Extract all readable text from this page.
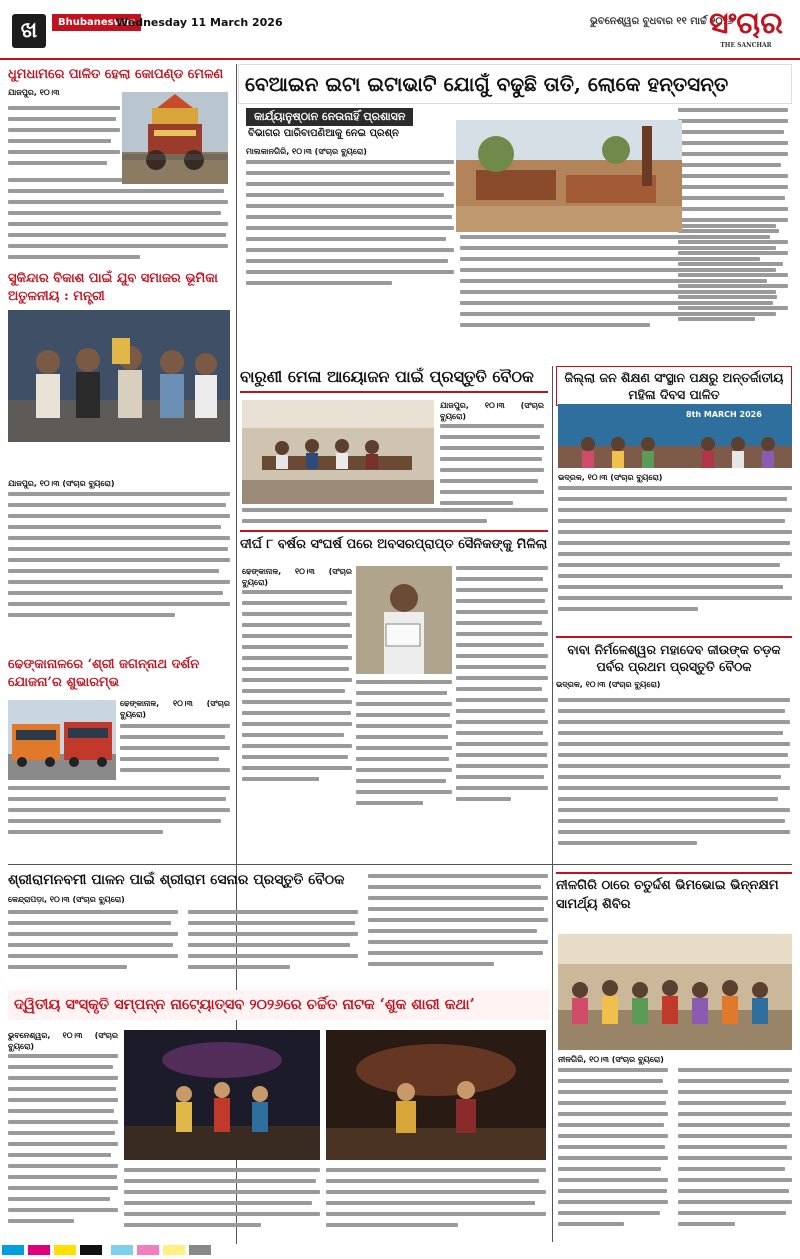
ଖ	Bhubaneswar
Wednesday 11 March 2026	ଭୁବନେଶ୍ୱର ବୁଧବାର ୧୧ ମାର୍ଚ୍ଚ ୨୦୨୬
ସଂଚାର
THE SANCHAR
ଧୁମଧାମରେ ପାଳିତ ହେଲା କୋପଣ୍ଡ ମେଳଣ
ଯାଜପୁର, ୧୦।୩	ବେଆଇନ ଇଟା ଇଟାଭାଟି ଯୋଗୁଁ ବଢୁଛି ତାତି, ଲୋକେ ହନ୍ତସନ୍ତ
କାର୍ଯ୍ୟାନୁଷ୍ଠାନ ନେଉନାହିଁ ପ୍ରଶାସନ
ବିଭାଗର ପାରିବାପଣିଆକୁ ନେଇ ପ୍ରଶ୍ନ
ମାଲକାନଗିରି, ୧୦।୩ (ସଂଚାର ବ୍ୟୁରୋ)
ସୁକିନ୍ଦାର ବିକାଶ ପାଇଁ ଯୁବ ସମାଜର ଭୂମିକା ଅତୁଳନୀୟ : ମନ୍ତ୍ରୀ
ଯାଜପୁର, ୧୦।୩ (ସଂଚାର ବ୍ୟୁରୋ)
ବାରୁଣୀ ମେଳା ଆୟୋଜନ ପାଇଁ ପ୍ରସ୍ତୁତି ବୈଠକ
ଯାଜପୁର, ୧୦।୩ (ସଂଚାର ବ୍ୟୁରୋ)
ଜିଲ୍ଲା ଜନ ଶିକ୍ଷଣ ସଂସ୍ଥାନ ପକ୍ଷରୁ ଅନ୍ତର୍ଜାତୀୟ ମହିଳା ଦିବସ ପାଳିତ
8th MARCH 2026
ଭଦ୍ରକ, ୧୦।୩ (ସଂଚାର ବ୍ୟୁରୋ)
ଢେଙ୍କାନାଳରେ ‘ଶ୍ରୀ ଜଗନ୍ନାଥ ଦର୍ଶନ ଯୋଜନା’ର ଶୁଭାରମ୍ଭ
ଢେଙ୍କାନାଳ, ୧୦।୩ (ସଂଚାର ବ୍ୟୁରୋ)
ଦୀର୍ଘ ୮ ବର୍ଷର ସଂଘର୍ଷ ପରେ ଅବସରପ୍ରାପ୍ତ ସୈନିକଙ୍କୁ ମିଳିଲା
ଢେଙ୍କାନାଳ, ୧୦।୩ (ସଂଚାର ବ୍ୟୁରୋ)
ବାବା ନିର୍ମଳେଶ୍ୱର ମହାଦେବ ଜୀଉଙ୍କ ଚଡ଼କ ପର୍ବର ପ୍ରଥମ ପ୍ରସ୍ତୁତି ବୈଠକ
ଭଦ୍ରକ, ୧୦।୩ (ସଂଚାର ବ୍ୟୁରୋ)
ଶ୍ରୀରାମନବମୀ ପାଳନ ପାଇଁ ଶ୍ରୀରାମ ସେନାର ପ୍ରସ୍ତୁତି ବୈଠକ
କେନ୍ଦ୍ରାପଡ଼ା, ୧୦।୩ (ସଂଚାର ବ୍ୟୁରୋ)
ନୀଳଗିରି ଠାରେ ଚତୁର୍ଦ୍ଦଶ ଭିମଭୋଇ ଭିନ୍ନକ୍ଷମ ସାମର୍ଥ୍ୟ ଶିବିର
ନୀଳଗିରି, ୧୦।୩ (ସଂଚାର ବ୍ୟୁରୋ)
ଦ୍ୱିତୀୟ ସଂସ୍କୃତି ସମ୍ପନ୍ନ ନାଟ୍ୟୋତ୍ସବ ୨୦୨୬ରେ ଚର୍ଚ୍ଚିତ ନାଟକ ‘ଶୁକ ଶାରୀ କଥା’
ଭୁବନେଶ୍ୱର, ୧୦।୩ (ସଂଚାର ବ୍ୟୁରୋ)
